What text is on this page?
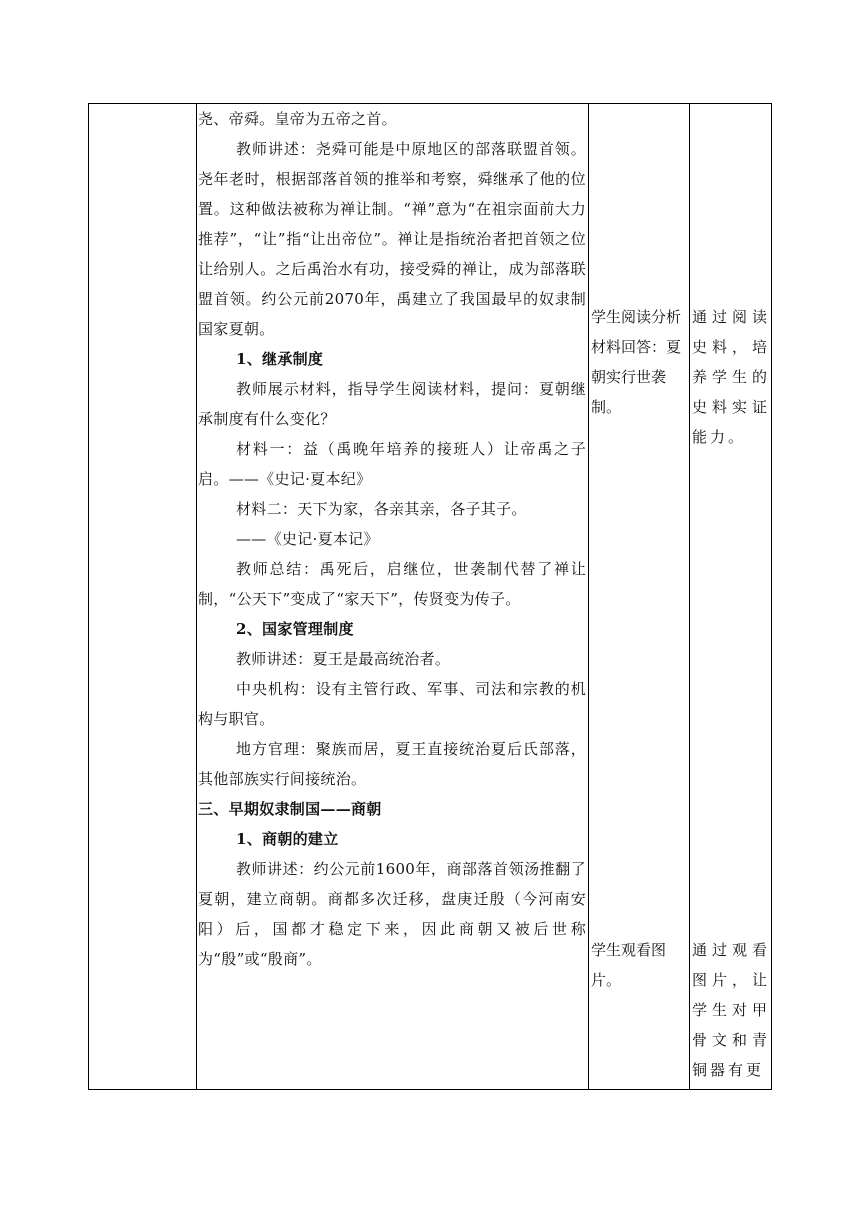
尧、帝舜。皇帝为五帝之首。

教师讲述：尧舜可能是中原地区的部落联盟首领。尧年老时，根据部落首领的推举和考察，舜继承了他的位置。这种做法被称为禅让制。“禅”意为“在祖宗面前大力推荐”，“让”指“让出帝位”。禅让是指统治者把首领之位让给别人。之后禹治水有功，接受舜的禅让，成为部落联盟首领。约公元前2070年，禹建立了我国最早的奴隶制国家夏朝。

1、继承制度

教师展示材料，指导学生阅读材料，提问：夏朝继承制度有什么变化？

材料一：益（禹晚年培养的接班人）让帝禹之子启。——《史记·夏本纪》

材料二：天下为家，各亲其亲，各子其子。

——《史记·夏本记》

教师总结：禹死后，启继位，世袭制代替了禅让制，“公天下”变成了“家天下”，传贤变为传子。

2、国家管理制度

教师讲述：夏王是最高统治者。

中央机构：设有主管行政、军事、司法和宗教的机构与职官。

地方官理：聚族而居，夏王直接统治夏后氏部落，其他部族实行间接统治。

三、早期奴隶制国——商朝

1、商朝的建立

教师讲述：约公元前1600年，商部落首领汤推翻了夏朝，建立商朝。商都多次迁移，盘庚迁殷（今河南安阳）后，国都才稳定下来，因此商朝又被后世称为“殷”或“殷商”。

学生阅读分析材料回答：夏朝实行世袭制。

学生观看图片。

通过阅读史料，培养学生的史料实证能力。

通过观看图片，让学生对甲骨文和青铜器有更
